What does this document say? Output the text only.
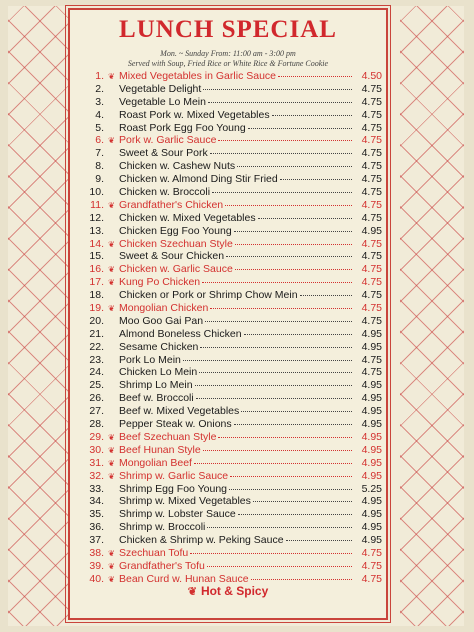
LUNCH SPECIAL
Mon. ~ Sunday From: 11:00 am - 3:00 pm
Served with Soup, Fried Rice or White Rice & Fortune Cookie
1. ❦ Mixed Vegetables in Garlic Sauce	4.50
2. Vegetable Delight	4.75
3. Vegetable Lo Mein	4.75
4. Roast Pork w. Mixed Vegetables	4.75
5. Roast Pork Egg Foo Young	4.75
6. ❦ Pork w. Garlic Sauce	4.75
7. Sweet & Sour Pork	4.75
8. Chicken w. Cashew Nuts	4.75
9. Chicken w. Almond Ding Stir Fried	4.75
10. Chicken w. Broccoli	4.75
11. ❦ Grandfather's Chicken	4.75
12. Chicken w. Mixed Vegetables	4.75
13. Chicken Egg Foo Young	4.95
14. ❦ Chicken Szechuan Style	4.75
15. Sweet & Sour Chicken	4.75
16. ❦ Chicken w. Garlic Sauce	4.75
17. ❦ Kung Po Chicken	4.75
18. Chicken or Pork or Shrimp Chow Mein	4.75
19. ❦ Mongolian Chicken	4.75
20. Moo Goo Gai Pan	4.75
21. Almond Boneless Chicken	4.95
22. Sesame Chicken	4.95
23. Pork Lo Mein	4.75
24. Chicken Lo Mein	4.75
25. Shrimp Lo Mein	4.95
26. Beef w. Broccoli	4.95
27. Beef w. Mixed Vegetables	4.95
28. Pepper Steak w. Onions	4.95
29. ❦ Beef Szechuan Style	4.95
30. ❦ Beef Hunan Style	4.95
31. ❦ Mongolian Beef	4.95
32. ❦ Shrimp w. Garlic Sauce	4.95
33. Shrimp Egg Foo Young	5.25
34. Shrimp w. Mixed Vegetables	4.95
35. Shrimp w. Lobster Sauce	4.95
36. Shrimp w. Broccoli	4.95
37. Chicken & Shrimp w. Peking Sauce	4.95
38. ❦ Szechuan Tofu	4.75
39. ❦ Grandfather's Tofu	4.75
40. ❦ Bean Curd w. Hunan Sauce	4.75
❦ Hot & Spicy
